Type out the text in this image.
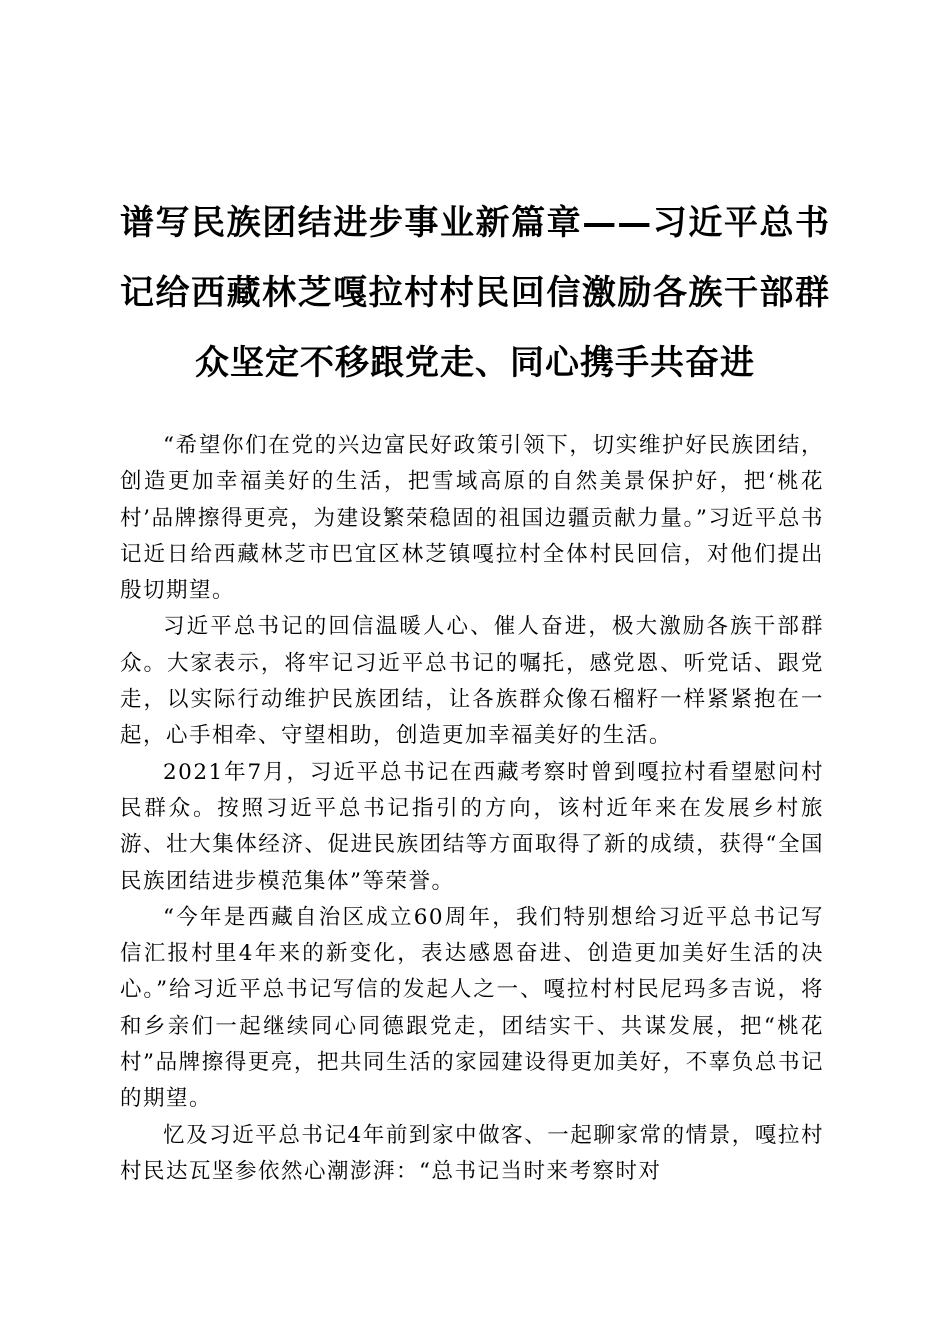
谱写民族团结进步事业新篇章——习近平总书记给西藏林芝嘎拉村村民回信激励各族干部群众坚定不移跟党走、同心携手共奋进

“希望你们在党的兴边富民好政策引领下，切实维护好民族团结，创造更加幸福美好的生活，把雪域高原的自然美景保护好，把‘桃花村’品牌擦得更亮，为建设繁荣稳固的祖国边疆贡献力量。”习近平总书记近日给西藏林芝市巴宜区林芝镇嘎拉村全体村民回信，对他们提出殷切期望。

习近平总书记的回信温暖人心、催人奋进，极大激励各族干部群众。大家表示，将牢记习近平总书记的嘱托，感党恩、听党话、跟党走，以实际行动维护民族团结，让各族群众像石榴籽一样紧紧抱在一起，心手相牵、守望相助，创造更加幸福美好的生活。

2021年7月，习近平总书记在西藏考察时曾到嘎拉村看望慰问村民群众。按照习近平总书记指引的方向，该村近年来在发展乡村旅游、壮大集体经济、促进民族团结等方面取得了新的成绩，获得“全国民族团结进步模范集体”等荣誉。

“今年是西藏自治区成立60周年，我们特别想给习近平总书记写信汇报村里4年来的新变化，表达感恩奋进、创造更加美好生活的决心。”给习近平总书记写信的发起人之一、嘎拉村村民尼玛多吉说，将和乡亲们一起继续同心同德跟党走，团结实干、共谋发展，把“桃花村”品牌擦得更亮，把共同生活的家园建设得更加美好，不辜负总书记的期望。

忆及习近平总书记4年前到家中做客、一起聊家常的情景，嘎拉村村民达瓦坚参依然心潮澎湃：“总书记当时来考察时对
